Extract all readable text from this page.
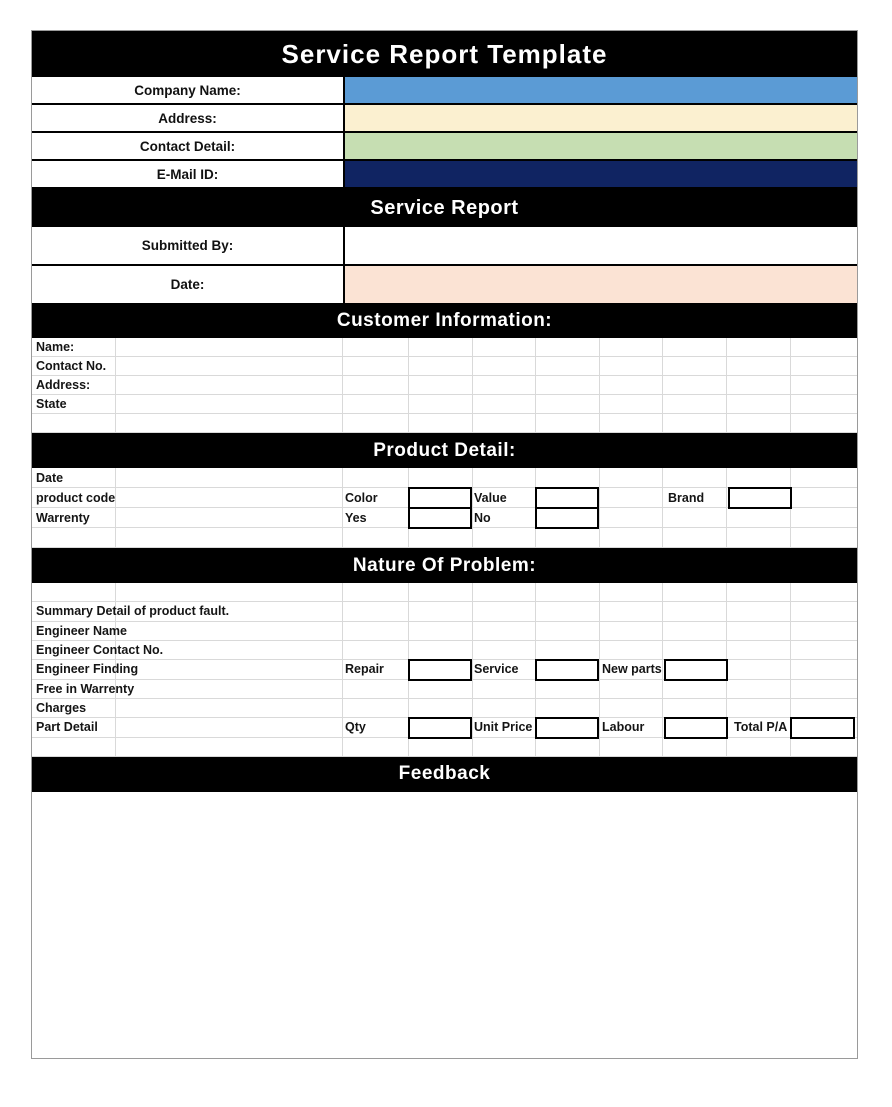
Service Report Template
Company Name:
Address:
Contact Detail:
E-Mail ID:
Service Report
Submitted By:
Date:
Customer Information:
Name:
Contact No.
Address:
State
Product Detail:
Date
product code	Color	Value	Brand
Warrenty	Yes	No
Nature Of Problem:
Summary Detail of product fault.
Engineer Name
Engineer Contact No.
Engineer Finding	Repair	Service	New parts
Free in Warrenty
Charges
Part Detail	Qty	Unit Price	Labour	Total P/A
Feedback
